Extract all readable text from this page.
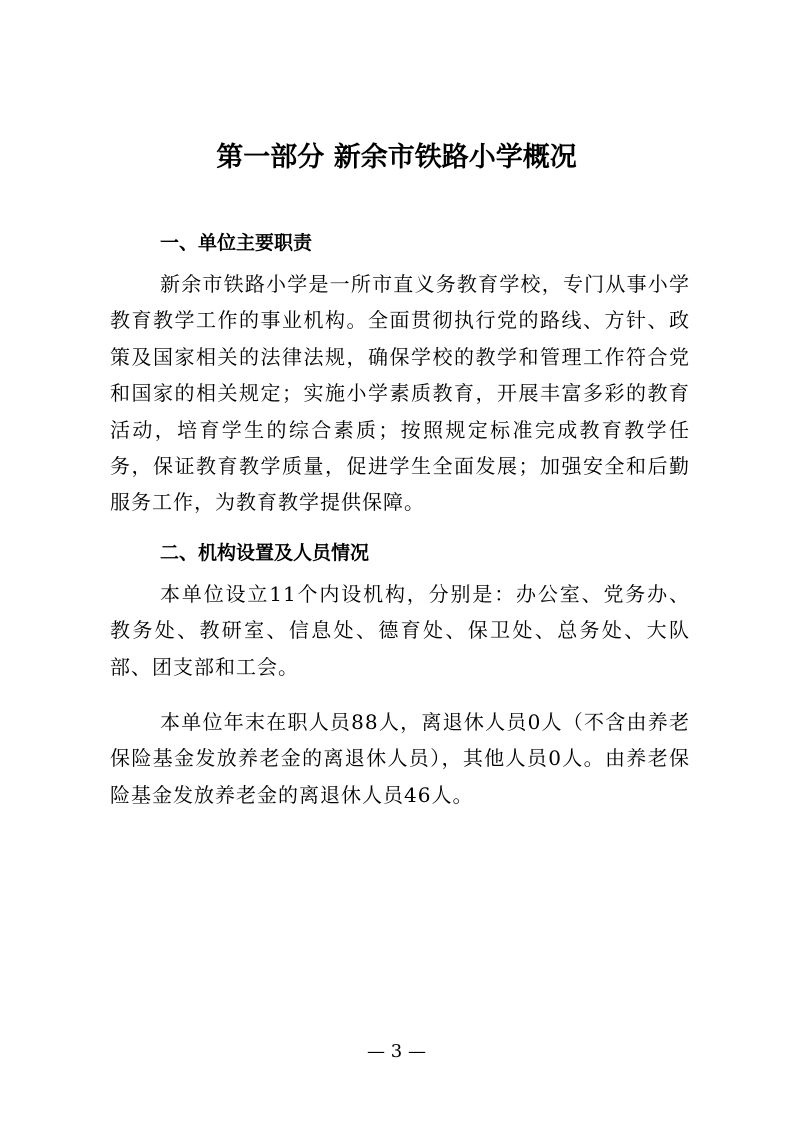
第一部分 新余市铁路小学概况
一、单位主要职责
新余市铁路小学是一所市直义务教育学校，专门从事小学教育教学工作的事业机构。全面贯彻执行党的路线、方针、政策及国家相关的法律法规，确保学校的教学和管理工作符合党和国家的相关规定；实施小学素质教育，开展丰富多彩的教育活动，培育学生的综合素质；按照规定标准完成教育教学任务，保证教育教学质量，促进学生全面发展；加强安全和后勤服务工作，为教育教学提供保障。
二、机构设置及人员情况
本单位设立11个内设机构，分别是：办公室、党务办、教务处、教研室、信息处、德育处、保卫处、总务处、大队部、团支部和工会。
本单位年末在职人员88人，离退休人员0人（不含由养老保险基金发放养老金的离退休人员），其他人员0人。由养老保险基金发放养老金的离退休人员46人。
— 3 —
